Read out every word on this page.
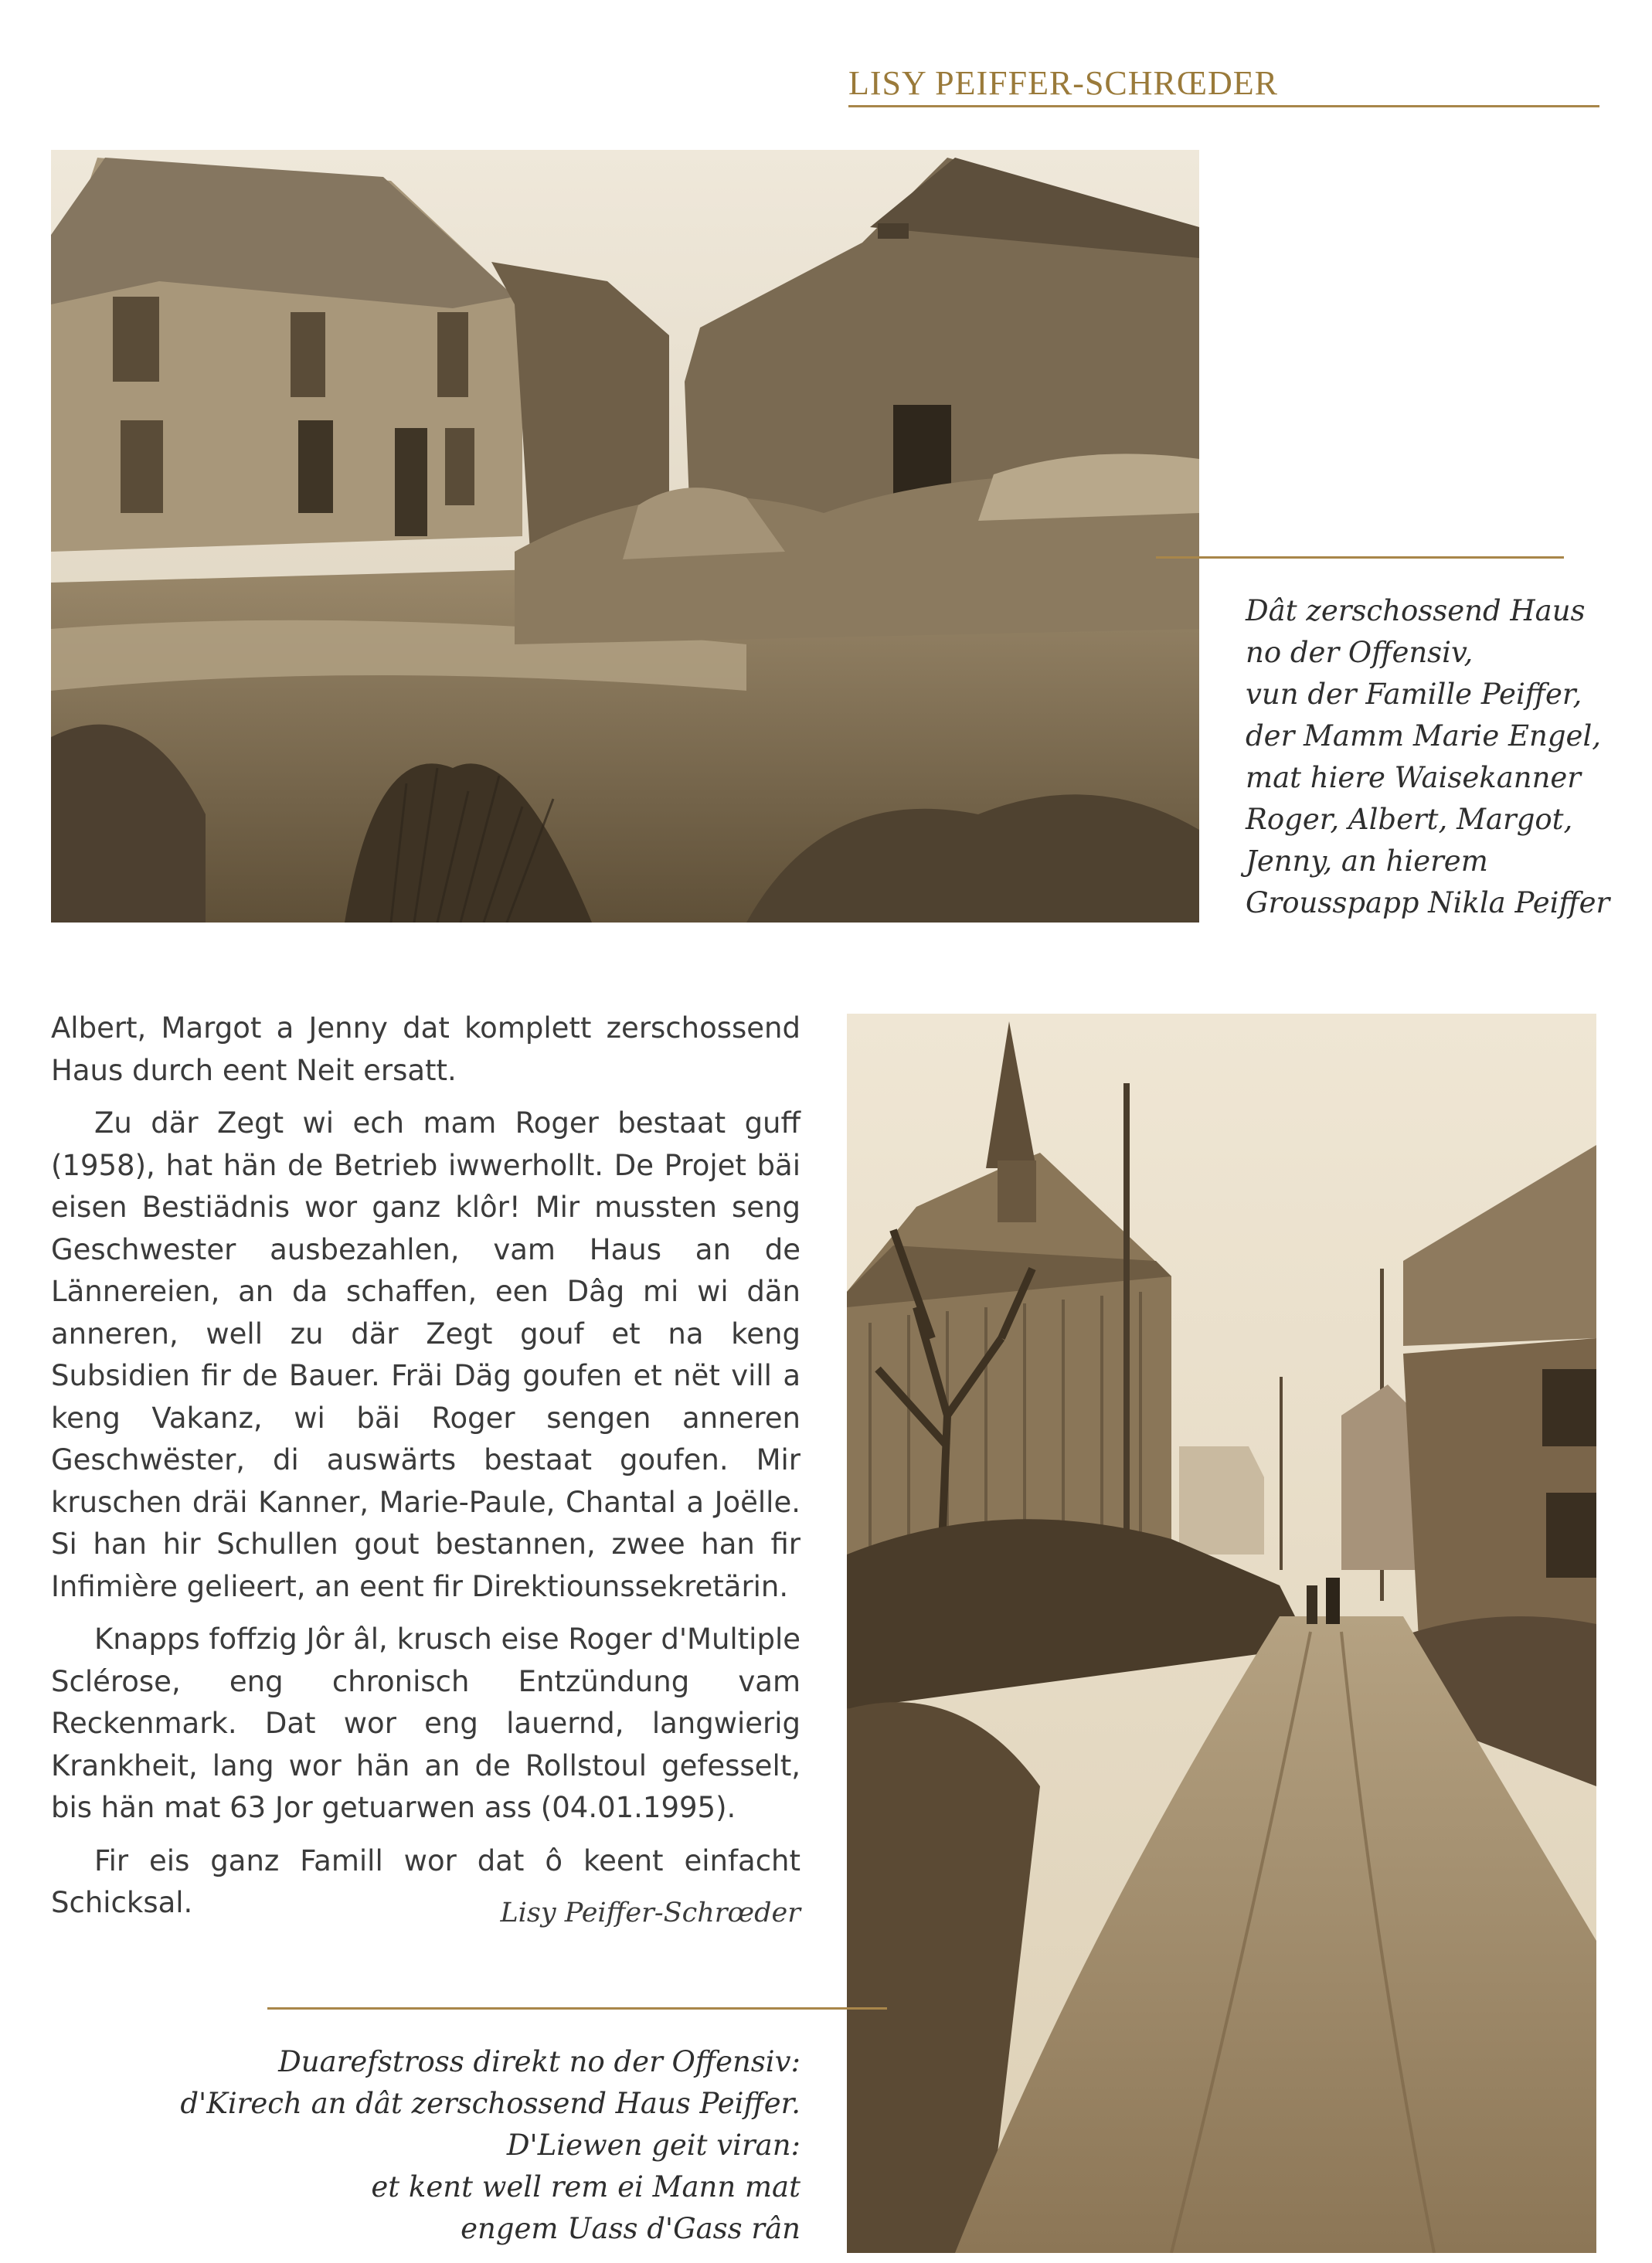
LISY PEIFFER-SCHRŒDER
Dât zerschossend Haus
no der Offensiv,
vun der Famille Peiffer,
der Mamm Marie Engel,
mat hiere Waisekanner
Roger, Albert, Margot,
Jenny, an hierem
Grousspapp Nikla Peiffer

Albert, Margot a Jenny dat komplett zerschossend Haus durch eent Neit ersatt.

Zu där Zegt wi ech mam Roger bestaat guff (1958), hat hän de Betrieb iwwerhollt. De Projet bäi eisen Bestiädnis wor ganz klôr! Mir mussten seng Geschwester ausbezahlen, vam Haus an de Lännereien, an da schaffen, een Dâg mi wi dän anneren, well zu där Zegt gouf et na keng Subsidien fir de Bauer. Fräi Däg goufen et nët vill a keng Vakanz, wi bäi Roger sengen anneren Geschwëster, di auswärts bestaat goufen. Mir kruschen dräi Kanner, Marie-Paule, Chantal a Joëlle. Si han hir Schullen gout bestannen, zwee han fir Infimière gelieert, an eent fir Direktiounssekretärin.

Knapps foffzig Jôr âl, krusch eise Roger d'Multiple Sclérose, eng chronisch Entzündung vam Reckenmark. Dat wor eng lauernd, langwierig Krankheit, lang wor hän an de Rollstoul gefesselt, bis hän mat 63 Jor getuarwen ass (04.01.1995).

Fir eis ganz Famill wor dat ô keent einfacht Schicksal.	Lisy Peiffer-Schrœder
Duarefstross direkt no der Offensiv:
d'Kirech an dât zerschossend Haus Peiffer.
D'Liewen geit viran:
et kent well rem ei Mann mat
engem Uass d'Gass rân
